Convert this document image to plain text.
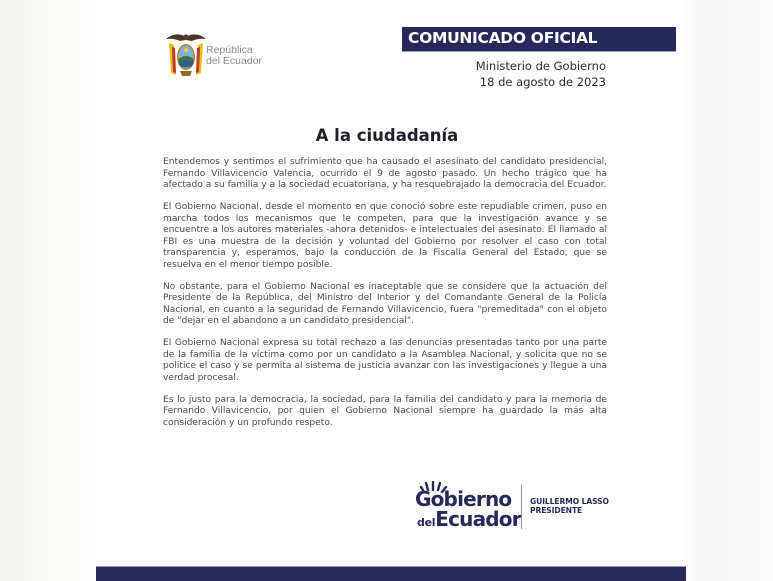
República
del Ecuador
COMUNICADO OFICIAL
Ministerio de Gobierno
18 de agosto de 2023
A la ciudadanía

Entendemos y sentimos el sufrimiento que ha causado el asesinato del candidato presidencial, Fernando Villavicencio Valencia, ocurrido el 9 de agosto pasado. Un hecho trágico que ha afectado a su familia y a la sociedad ecuatoriana, y ha resquebrajado la democracia del Ecuador.

El Gobierno Nacional, desde el momento en que conoció sobre este repudiable crimen, puso en marcha todos los mecanismos que le competen, para que la investigación avance y se encuentre a los autores materiales -ahora detenidos- e intelectuales del asesinato. El llamado al FBI es una muestra de la decisión y voluntad del Gobierno por resolver el caso con total transparencia y, esperamos, bajo la conducción de la Fiscalía General del Estado, que se resuelva en el menor tiempo posible.

No obstante, para el Gobierno Nacional es inaceptable que se considere que la actuación del Presidente de la República, del Ministro del Interior y del Comandante General de la Policía Nacional, en cuanto a la seguridad de Fernando Villavicencio, fuera "premeditada" con el objeto de "dejar en el abandono a un candidato presidencial".

El Gobierno Nacional expresa su total rechazo a las denuncias presentadas tanto por una parte de la familia de la víctima como por un candidato a la Asamblea Nacional, y solicita que no se politice el caso y se permita al sistema de justicia avanzar con las investigaciones y llegue a una verdad procesal.

Es lo justo para la democracia, la sociedad, para la familia del candidato y para la memoria de Fernando Villavicencio, por quien el Gobierno Nacional siempre ha guardado la más alta consideración y un profundo respeto.

Gobierno
delEcuador
GUILLERMO LASSO
PRESIDENTE
